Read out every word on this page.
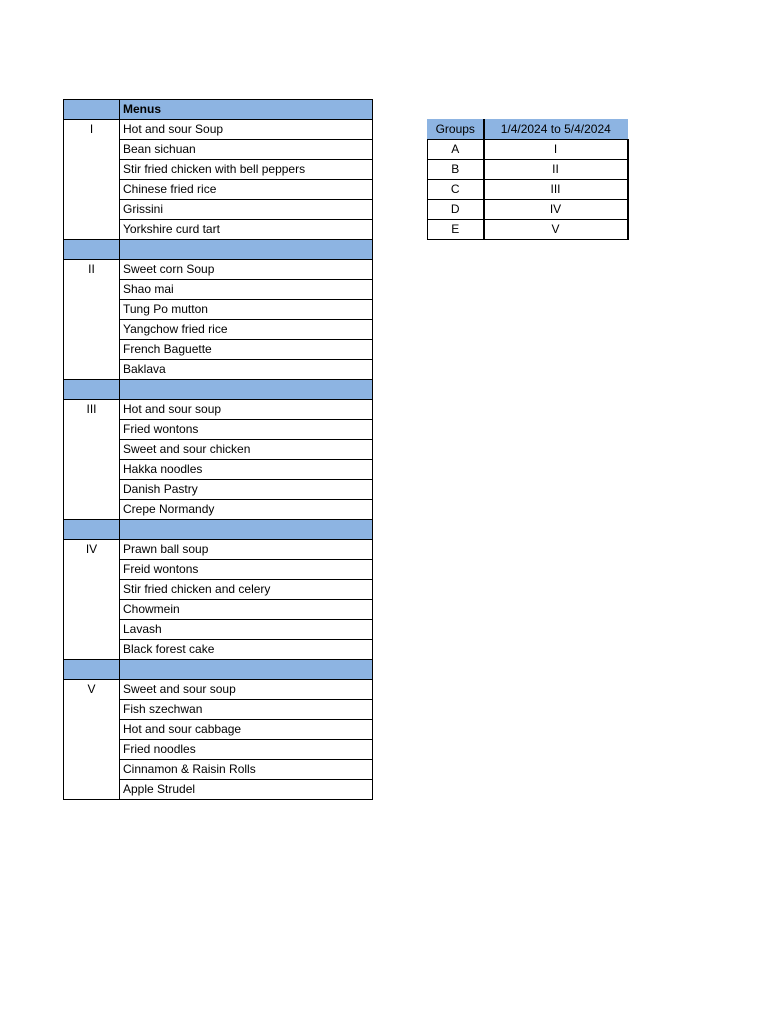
	Menus
I	Hot and sour Soup
	Bean sichuan
	Stir fried chicken with bell peppers
	Chinese fried rice
	Grissini
	Yorkshire curd tart

II	Sweet corn Soup
	Shao mai
	Tung Po mutton
	Yangchow fried rice
	French Baguette
	Baklava

III	Hot and sour soup
	Fried wontons
	Sweet and sour chicken
	Hakka noodles
	Danish Pastry
	Crepe Normandy

IV	Prawn ball soup
	Freid wontons
	Stir fried chicken and celery
	Chowmein
	Lavash
	Black forest cake

V	Sweet and sour soup
	Fish szechwan
	Hot and sour cabbage
	Fried noodles
	Cinnamon & Raisin Rolls
	Apple Strudel
Groups	1/4/2024 to 5/4/2024
A	I
B	II
C	III
D	IV
E	V
